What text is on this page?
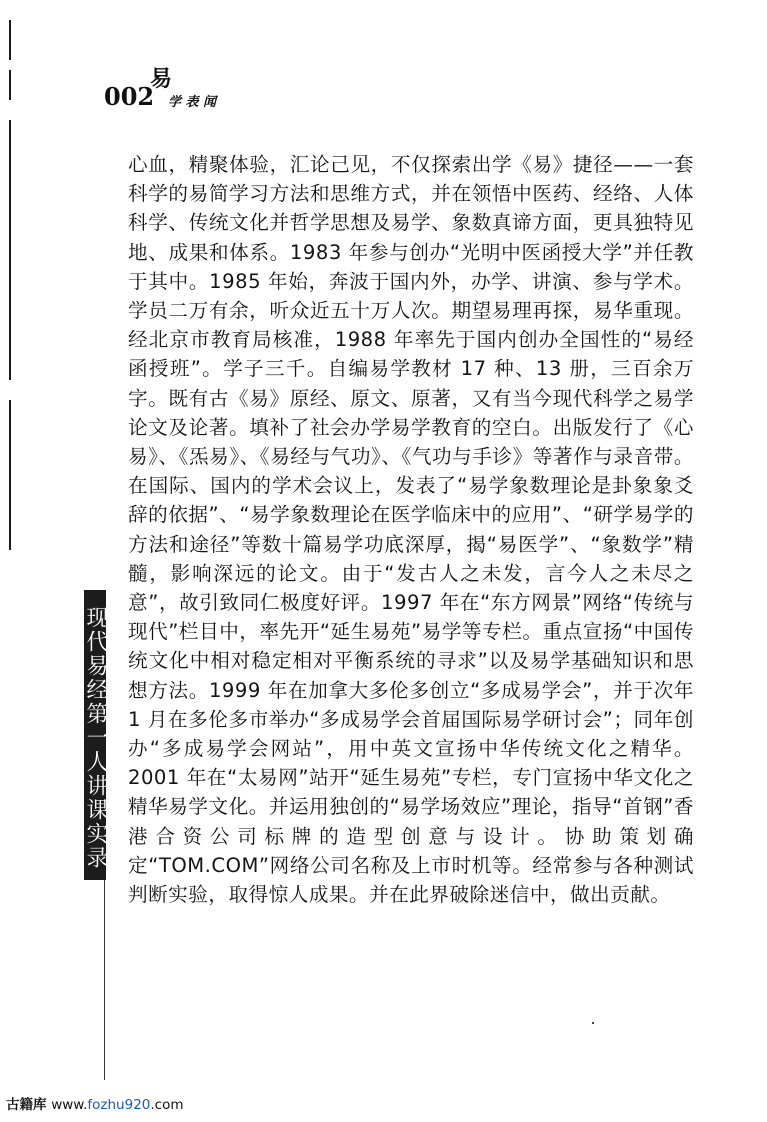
002
易
学 表 闻

心血，精聚体验，汇论己见，不仅探索出学《易》捷径——一套科学的易简学习方法和思维方式，并在领悟中医药、经络、人体科学、传统文化并哲学思想及易学、象数真谛方面，更具独特见地、成果和体系。1983 年参与创办“光明中医函授大学”并任教于其中。1985 年始，奔波于国内外，办学、讲演、参与学术。学员二万有余，听众近五十万人次。期望易理再探，易华重现。经北京市教育局核准，1988 年率先于国内创办全国性的“易经函授班”。学子三千。自编易学教材 17 种、13 册，三百余万字。既有古《易》原经、原文、原著，又有当今现代科学之易学论文及论著。填补了社会办学易学教育的空白。出版发行了《心易》、《炁易》、《易经与气功》、《气功与手诊》等著作与录音带。在国际、国内的学术会议上，发表了“易学象数理论是卦象象爻辞的依据”、“易学象数理论在医学临床中的应用”、“研学易学的方法和途径”等数十篇易学功底深厚，揭“易医学”、“象数学”精髓，影响深远的论文。由于“发古人之未发，言今人之未尽之意”，故引致同仁极度好评。1997 年在“东方网景”网络“传统与现代”栏目中，率先开“延生易苑”易学等专栏。重点宣扬“中国传统文化中相对稳定相对平衡系统的寻求”以及易学基础知识和思想方法。1999 年在加拿大多伦多创立“多成易学会”，并于次年 1 月在多伦多市举办“多成易学会首届国际易学研讨会”；同年创办“多成易学会网站”，用中英文宣扬中华传统文化之精华。2001 年在“太易网”站开“延生易苑”专栏，专门宣扬中华文化之精华易学文化。并运用独创的“易学场效应”理论，指导“首钢”香港合资公司标牌的造型创意与设计。协助策划确定“TOM.COM”网络公司名称及上市时机等。经常参与各种测试判断实验，取得惊人成果。并在此界破除迷信中，做出贡献。

现代易经第一人讲课实录
古籍库 www.fozhu920.com
